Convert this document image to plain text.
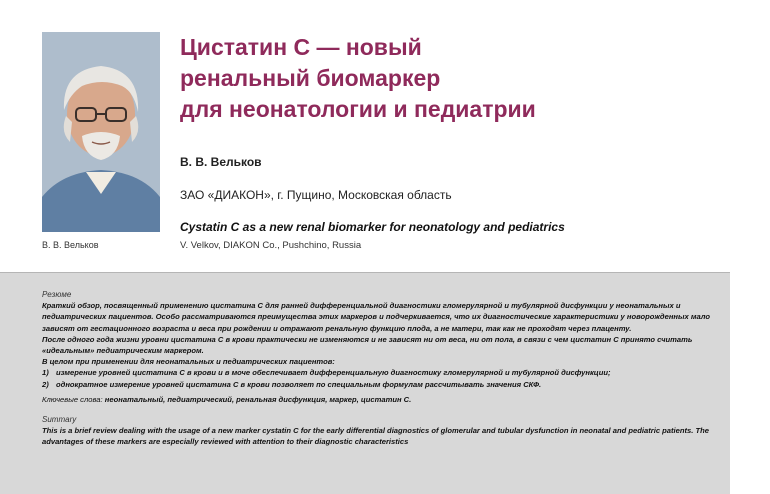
В. В. Вельков
Цистатин С — новый
ренальный биомаркер
для неонатологии и педиатрии
В. В. Вельков
ЗАО «ДИАКОН», г. Пущино, Московская область
Cystatin C as a new renal biomarker for neonatology and pediatrics
V. Velkov, DIAKON Co., Pushchino, Russia
Резюме

Краткий обзор, посвященный применению цистатина С для ранней дифференциальной диагностики гломерулярной и тубулярной дисфункции у неонатальных и педиатрических пациентов. Особо рассматриваются преимущества этих маркеров и подчеркивается, что их диагностические характеристики у новорожденных мало зависят от гестационного возраста и веса при рождении и отражают ренальную функцию плода, а не матери, так как не проходят через плаценту.

После одного года жизни уровни цистатина С в крови практически не изменяются и не зависят ни от веса, ни от пола, в связи с чем цистатин С принято считать «идеальным» педиатрическим маркером.

В целом при применении для неонатальных и педиатрических пациентов:

1) измерение уровней цистатина С в крови и в моче обеспечивает дифференциальную диагностику гломерулярной и тубулярной дисфункции;
2) однократное измерение уровней цистатина С в крови позволяет по специальным формулам рассчитывать значения СКФ.
Ключевые слова: неонатальный, педиатрический, ренальная дисфункция, маркер, цистатин С.
Summary

This is a brief review dealing with the usage of a new marker cystatin C for the early differential diagnostics of glomerular and tubular dysfunction in neonatal and pediatric patients. The advantages of these markers are especially reviewed with attention to their diagnostic characteristics
